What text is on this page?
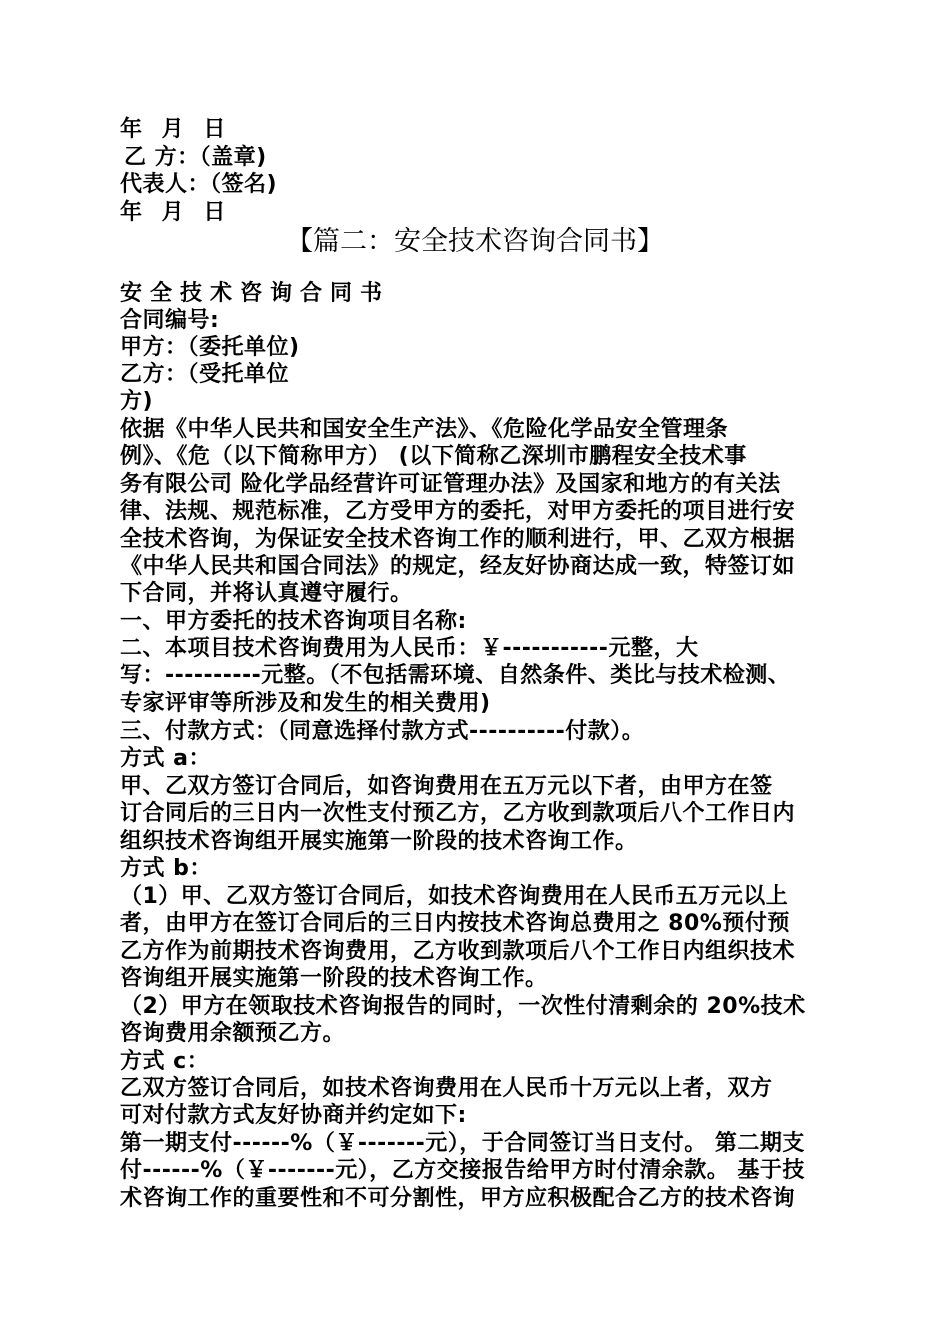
年 月 日
乙 方：（盖章)
代表人：（签名)
年 月 日
【篇二：安全技术咨询合同书】
安全技术咨询合同书
合同编号:
甲方：（委托单位)
乙方：（受托单位
方)
依据《中华人民共和国安全生产法》、《危险化学品安全管理条
例》、《危（以下简称甲方） (以下简称乙深圳市鹏程安全技术事
务有限公司 险化学品经营许可证管理办法》及国家和地方的有关法
律、法规、规范标准，乙方受甲方的委托，对甲方委托的项目进行安
全技术咨询，为保证安全技术咨询工作的顺利进行，甲、乙双方根据
《中华人民共和国合同法》的规定，经友好协商达成一致，特签订如
下合同，并将认真遵守履行。
一、甲方委托的技术咨询项目名称:
二、本项目技术咨询费用为人民币：￥-----------元整，大
写：----------元整。（不包括需环境、自然条件、类比与技术检测、
专家评审等所涉及和发生的相关费用)
三、付款方式：（同意选择付款方式----------付款）。
方式 a：
甲、乙双方签订合同后，如咨询费用在五万元以下者，由甲方在签
订合同后的三日内一次性支付预乙方，乙方收到款项后八个工作日内
组织技术咨询组开展实施第一阶段的技术咨询工作。
方式 b：
（1）甲、乙双方签订合同后，如技术咨询费用在人民币五万元以上
者，由甲方在签订合同后的三日内按技术咨询总费用之 80%预付预
乙方作为前期技术咨询费用，乙方收到款项后八个工作日内组织技术
咨询组开展实施第一阶段的技术咨询工作。
（2）甲方在领取技术咨询报告的同时，一次性付清剩余的 20%技术
咨询费用余额预乙方。
方式 c：
乙双方签订合同后，如技术咨询费用在人民币十万元以上者，双方
可对付款方式友好协商并约定如下:
第一期支付------%（￥-------元），于合同签订当日支付。 第二期支
付------%（￥-------元），乙方交接报告给甲方时付清余款。 基于技
术咨询工作的重要性和不可分割性，甲方应积极配合乙方的技术咨询
